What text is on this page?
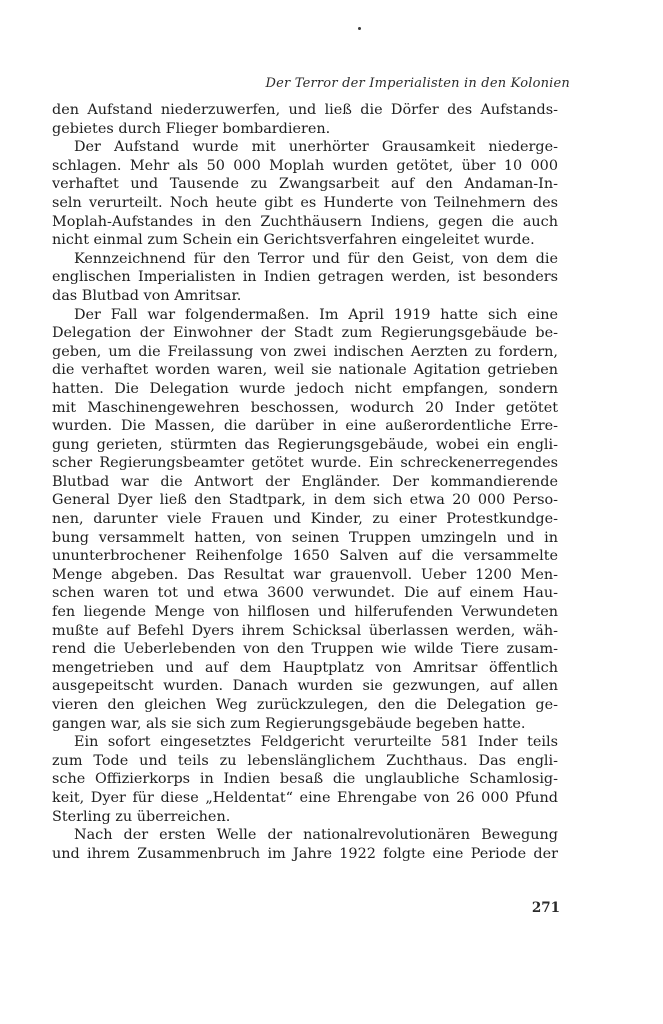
Der Terror der Imperialisten in den Kolonien
den Aufstand niederzuwerfen, und ließ die Dörfer des Aufstands-
gebietes durch Flieger bombardieren.
Der Aufstand wurde mit unerhörter Grausamkeit niederge-
schlagen. Mehr als 50 000 Moplah wurden getötet, über 10 000
verhaftet und Tausende zu Zwangsarbeit auf den Andaman-In-
seln verurteilt. Noch heute gibt es Hunderte von Teilnehmern des
Moplah-Aufstandes in den Zuchthäusern Indiens, gegen die auch
nicht einmal zum Schein ein Gerichtsverfahren eingeleitet wurde.
Kennzeichnend für den Terror und für den Geist, von dem die
englischen Imperialisten in Indien getragen werden, ist besonders
das Blutbad von Amritsar.
Der Fall war folgendermaßen. Im April 1919 hatte sich eine
Delegation der Einwohner der Stadt zum Regierungsgebäude be-
geben, um die Freilassung von zwei indischen Aerzten zu fordern,
die verhaftet worden waren, weil sie nationale Agitation getrieben
hatten. Die Delegation wurde jedoch nicht empfangen, sondern
mit Maschinengewehren beschossen, wodurch 20 Inder getötet
wurden. Die Massen, die darüber in eine außerordentliche Erre-
gung gerieten, stürmten das Regierungsgebäude, wobei ein engli-
scher Regierungsbeamter getötet wurde. Ein schreckenerregendes
Blutbad war die Antwort der Engländer. Der kommandierende
General Dyer ließ den Stadtpark, in dem sich etwa 20 000 Perso-
nen, darunter viele Frauen und Kinder, zu einer Protestkundge-
bung versammelt hatten, von seinen Truppen umzingeln und in
ununterbrochener Reihenfolge 1650 Salven auf die versammelte
Menge abgeben. Das Resultat war grauenvoll. Ueber 1200 Men-
schen waren tot und etwa 3600 verwundet. Die auf einem Hau-
fen liegende Menge von hilflosen und hilferufenden Verwundeten
mußte auf Befehl Dyers ihrem Schicksal überlassen werden, wäh-
rend die Ueberlebenden von den Truppen wie wilde Tiere zusam-
mengetrieben und auf dem Hauptplatz von Amritsar öffentlich
ausgepeitscht wurden. Danach wurden sie gezwungen, auf allen
vieren den gleichen Weg zurückzulegen, den die Delegation ge-
gangen war, als sie sich zum Regierungsgebäude begeben hatte.
Ein sofort eingesetztes Feldgericht verurteilte 581 Inder teils
zum Tode und teils zu lebenslänglichem Zuchthaus. Das engli-
sche Offizierkorps in Indien besaß die unglaubliche Schamlosig-
keit, Dyer für diese „Heldentat“ eine Ehrengabe von 26 000 Pfund
Sterling zu überreichen.
Nach der ersten Welle der nationalrevolutionären Bewegung
und ihrem Zusammenbruch im Jahre 1922 folgte eine Periode der
271
